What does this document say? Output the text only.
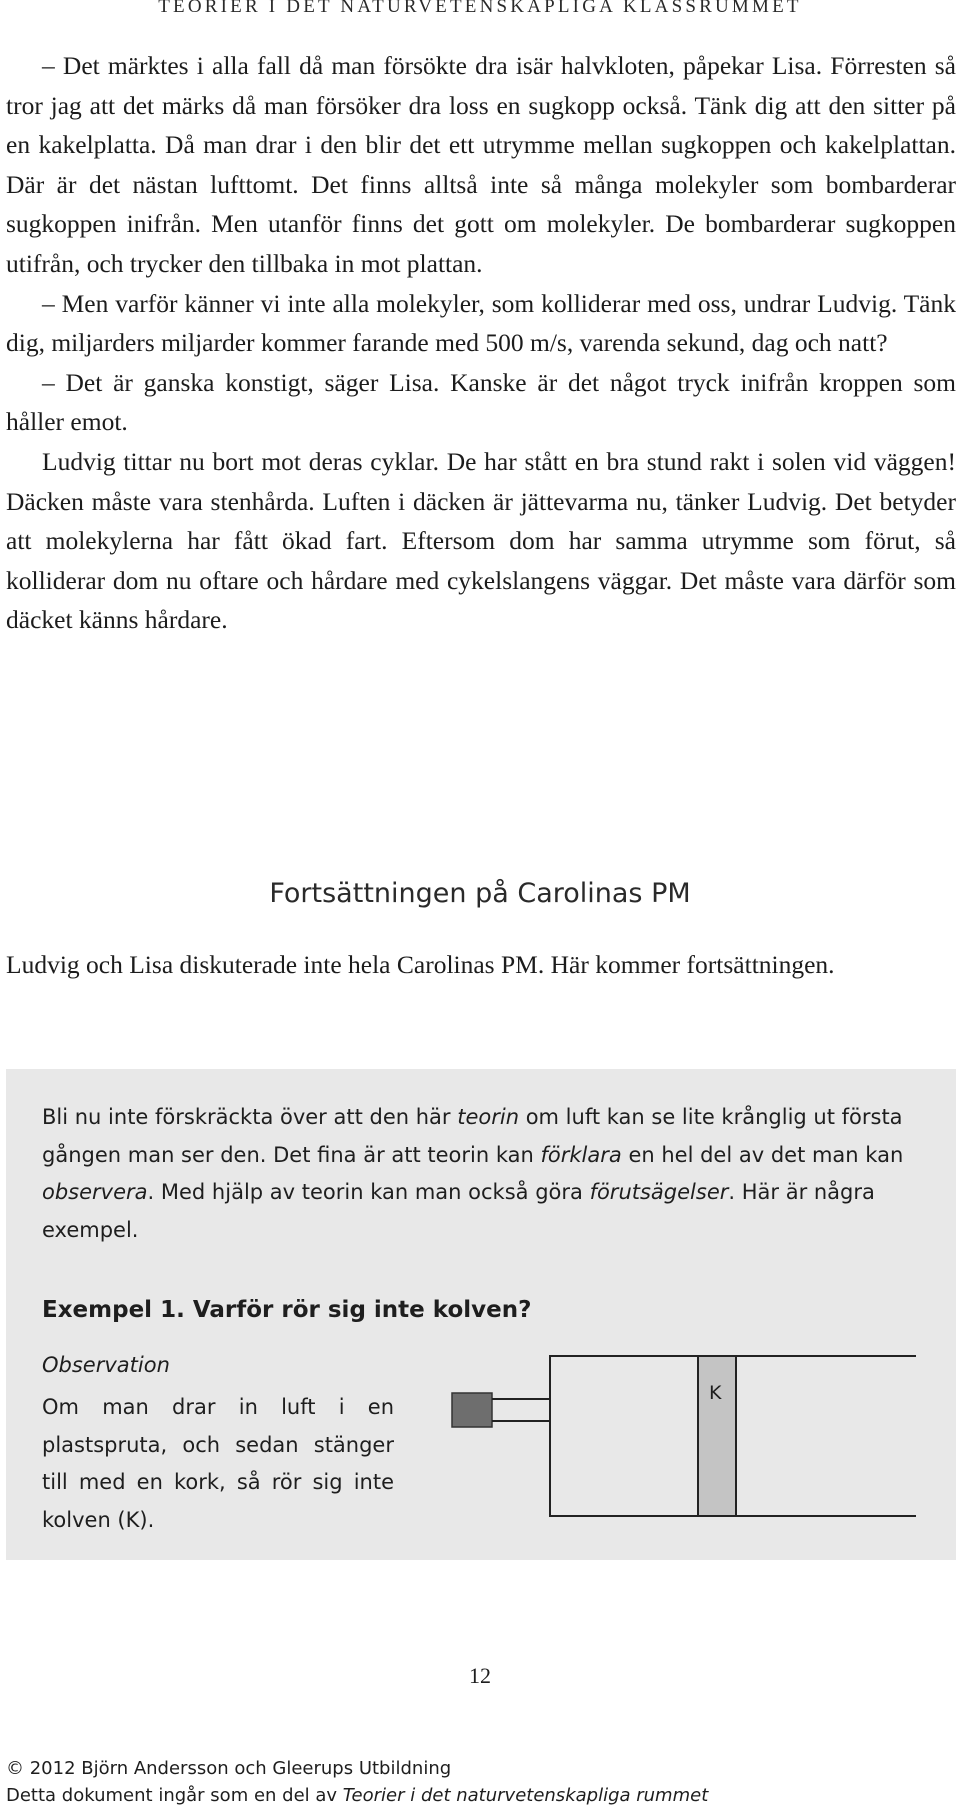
TEORIER I DET NATURVETENSKAPLIGA KLASSRUMMET

– Det märktes i alla fall då man försökte dra isär halvkloten, påpekar Lisa. Förresten så tror jag att det märks då man försöker dra loss en sugkopp också. Tänk dig att den sitter på en kakelplatta. Då man drar i den blir det ett utrymme mellan sugkoppen och kakelplattan. Där är det nästan lufttomt. Det finns alltså inte så många molekyler som bombarderar sugkoppen inifrån. Men utanför finns det gott om molekyler. De bombarderar sugkoppen utifrån, och trycker den tillbaka in mot plattan.

– Men varför känner vi inte alla molekyler, som kolliderar med oss, undrar Ludvig. Tänk dig, miljarders miljarder kommer farande med 500 m/s, varenda sekund, dag och natt?

– Det är ganska konstigt, säger Lisa. Kanske är det något tryck inifrån kroppen som håller emot.

Ludvig tittar nu bort mot deras cyklar. De har stått en bra stund rakt i solen vid väggen! Däcken måste vara stenhårda. Luften i däcken är jättevarma nu, tänker Ludvig. Det betyder att molekylerna har fått ökad fart. Eftersom dom har samma utrymme som förut, så kolliderar dom nu oftare och hårdare med cykelslangens väggar. Det måste vara därför som däcket känns hårdare.

Fortsättningen på Carolinas PM

Ludvig och Lisa diskuterade inte hela Carolinas PM. Här kommer fortsättningen.

Bli nu inte förskräckta över att den här teorin om luft kan se lite krånglig ut första gången man ser den. Det fina är att teorin kan förklara en hel del av det man kan observera. Med hjälp av teorin kan man också göra förutsägelser. Här är några exempel.

Exempel 1. Varför rör sig inte kolven?

Observation

Om man drar in luft i en plastspruta, och sedan stänger till med en kork, så rör sig inte kolven (K).

K
12
© 2012 Björn Andersson och Gleerups Utbildning
Detta dokument ingår som en del av Teorier i det naturvetenskapliga rummet
